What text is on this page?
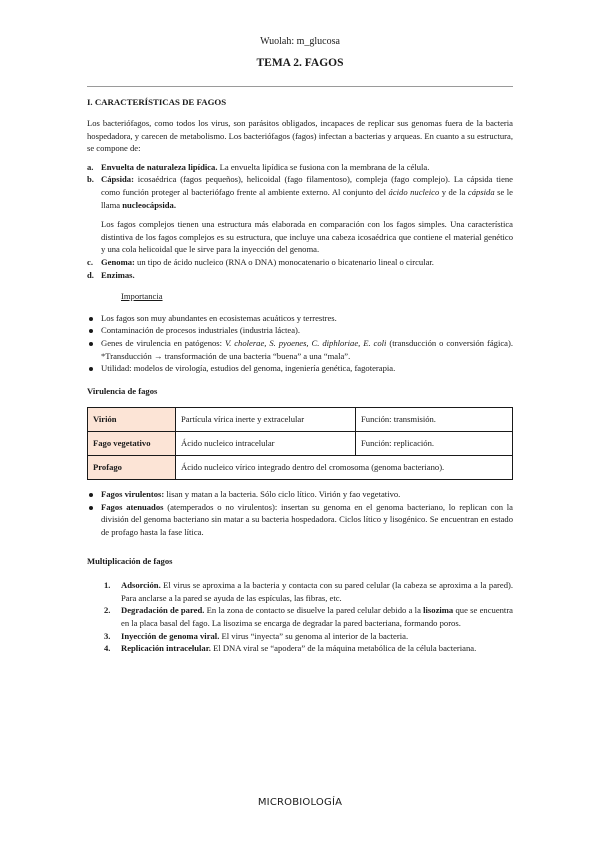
Wuolah: m_glucosa
TEMA 2. FAGOS
I. CARACTERÍSTICAS DE FAGOS

Los bacteriófagos, como todos los virus, son parásitos obligados, incapaces de replicar sus genomas fuera de la bacteria hospedadora, y carecen de metabolismo. Los bacteriófagos (fagos) infectan a bacterias y arqueas. En cuanto a su estructura, se compone de:

a. Envuelta de naturaleza lipídica. La envuelta lipídica se fusiona con la membrana de la célula.
b. Cápsida: icosaédrica (fagos pequeños), helicoidal (fago filamentoso), compleja (fago complejo). La cápsida tiene como función proteger al bacteriófago frente al ambiente externo. Al conjunto del ácido nucleico y de la cápsida se le llama nucleocápsida.

Los fagos complejos tienen una estructura más elaborada en comparación con los fagos simples. Una característica distintiva de los fagos complejos es su estructura, que incluye una cabeza icosaédrica que contiene el material genético y una cola helicoidal que le sirve para la inyección del genoma.

c. Genoma: un tipo de ácido nucleico (RNA o DNA) monocatenario o bicatenario lineal o circular.
d. Enzimas.
Importancia
Los fagos son muy abundantes en ecosistemas acuáticos y terrestres.
Contaminación de procesos industriales (industria láctea).
Genes de virulencia en patógenos: V. cholerae, S. pyoenes, C. diphloriae, E. coli (transducción o conversión fágica). *Transducción → transformación de una bacteria “buena” a una “mala”.
Utilidad: modelos de virología, estudios del genoma, ingeniería genética, fagoterapia.
Virulencia de fagos
Virión	Partícula vírica inerte y extracelular	Función: transmisión.
Fago vegetativo	Ácido nucleico intracelular	Función: replicación.
Profago	Ácido nucleico vírico integrado dentro del cromosoma (genoma bacteriano).	
Fagos virulentos: lisan y matan a la bacteria. Sólo ciclo lítico. Virión y fao vegetativo.
Fagos atenuados (atemperados o no virulentos): insertan su genoma en el genoma bacteriano, lo replican con la división del genoma bacteriano sin matar a su bacteria hospedadora. Ciclos lítico y lisogénico. Se encuentran en estado de profago hasta la fase lítica.
Multiplicación de fagos
1. Adsorción. El virus se aproxima a la bacteria y contacta con su pared celular (la cabeza se aproxima a la pared). Para anclarse a la pared se ayuda de las espículas, las fibras, etc.
2. Degradación de pared. En la zona de contacto se disuelve la pared celular debido a la lisozima que se encuentra en la placa basal del fago. La lisozima se encarga de degradar la pared bacteriana, formando poros.
3. Inyección de genoma viral. El virus “inyecta” su genoma al interior de la bacteria.
4. Replicación intracelular. El DNA viral se “apodera” de la máquina metabólica de la célula bacteriana.
MICROBIOLOGÍA
